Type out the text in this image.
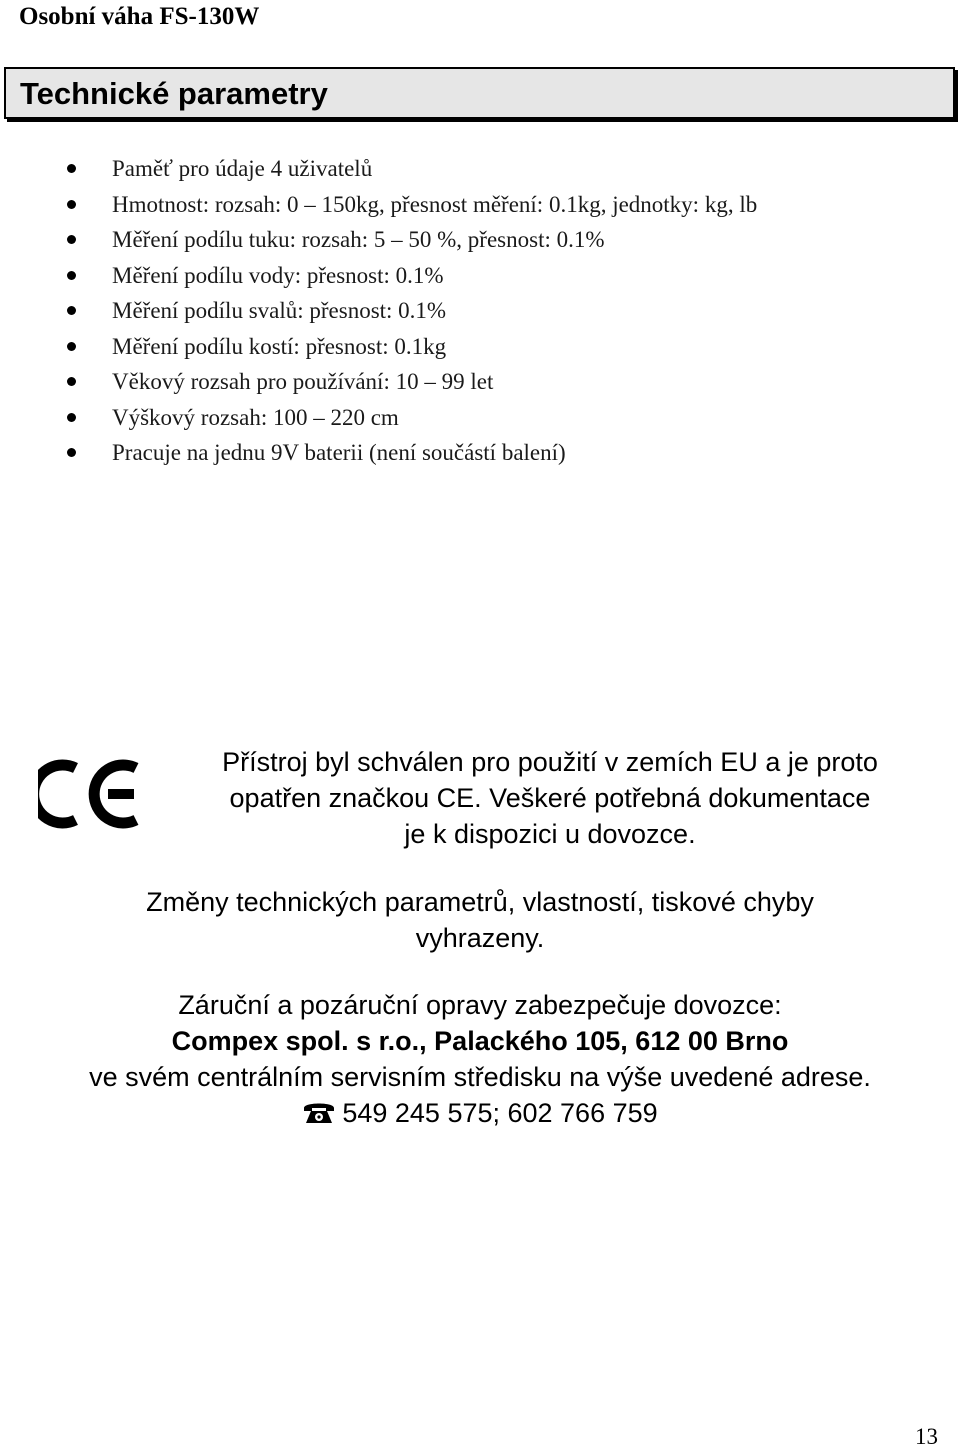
Osobní váha FS-130W
Technické parametry
Paměť pro údaje 4 uživatelů
Hmotnost: rozsah: 0 – 150kg, přesnost měření: 0.1kg, jednotky: kg, lb
Měření podílu tuku: rozsah: 5 – 50 %, přesnost: 0.1%
Měření podílu vody: přesnost: 0.1%
Měření podílu svalů: přesnost: 0.1%
Měření podílu kostí: přesnost: 0.1kg
Věkový rozsah pro používání: 10 – 99 let
Výškový rozsah: 100 – 220 cm
Pracuje na jednu 9V baterii (není součástí balení)
Přístroj byl schválen pro použití v zemích EU a je proto
opatřen značkou CE. Veškeré potřebná dokumentace
je k dispozici u dovozce.
Změny technických parametrů, vlastností, tiskové chyby
vyhrazeny.
Záruční a pozáruční opravy zabezpečuje dovozce:
Compex spol. s r.o., Palackého 105, 612 00 Brno
ve svém centrálním servisním středisku na výše uvedené adrese.
549 245 575; 602 766 759
13
